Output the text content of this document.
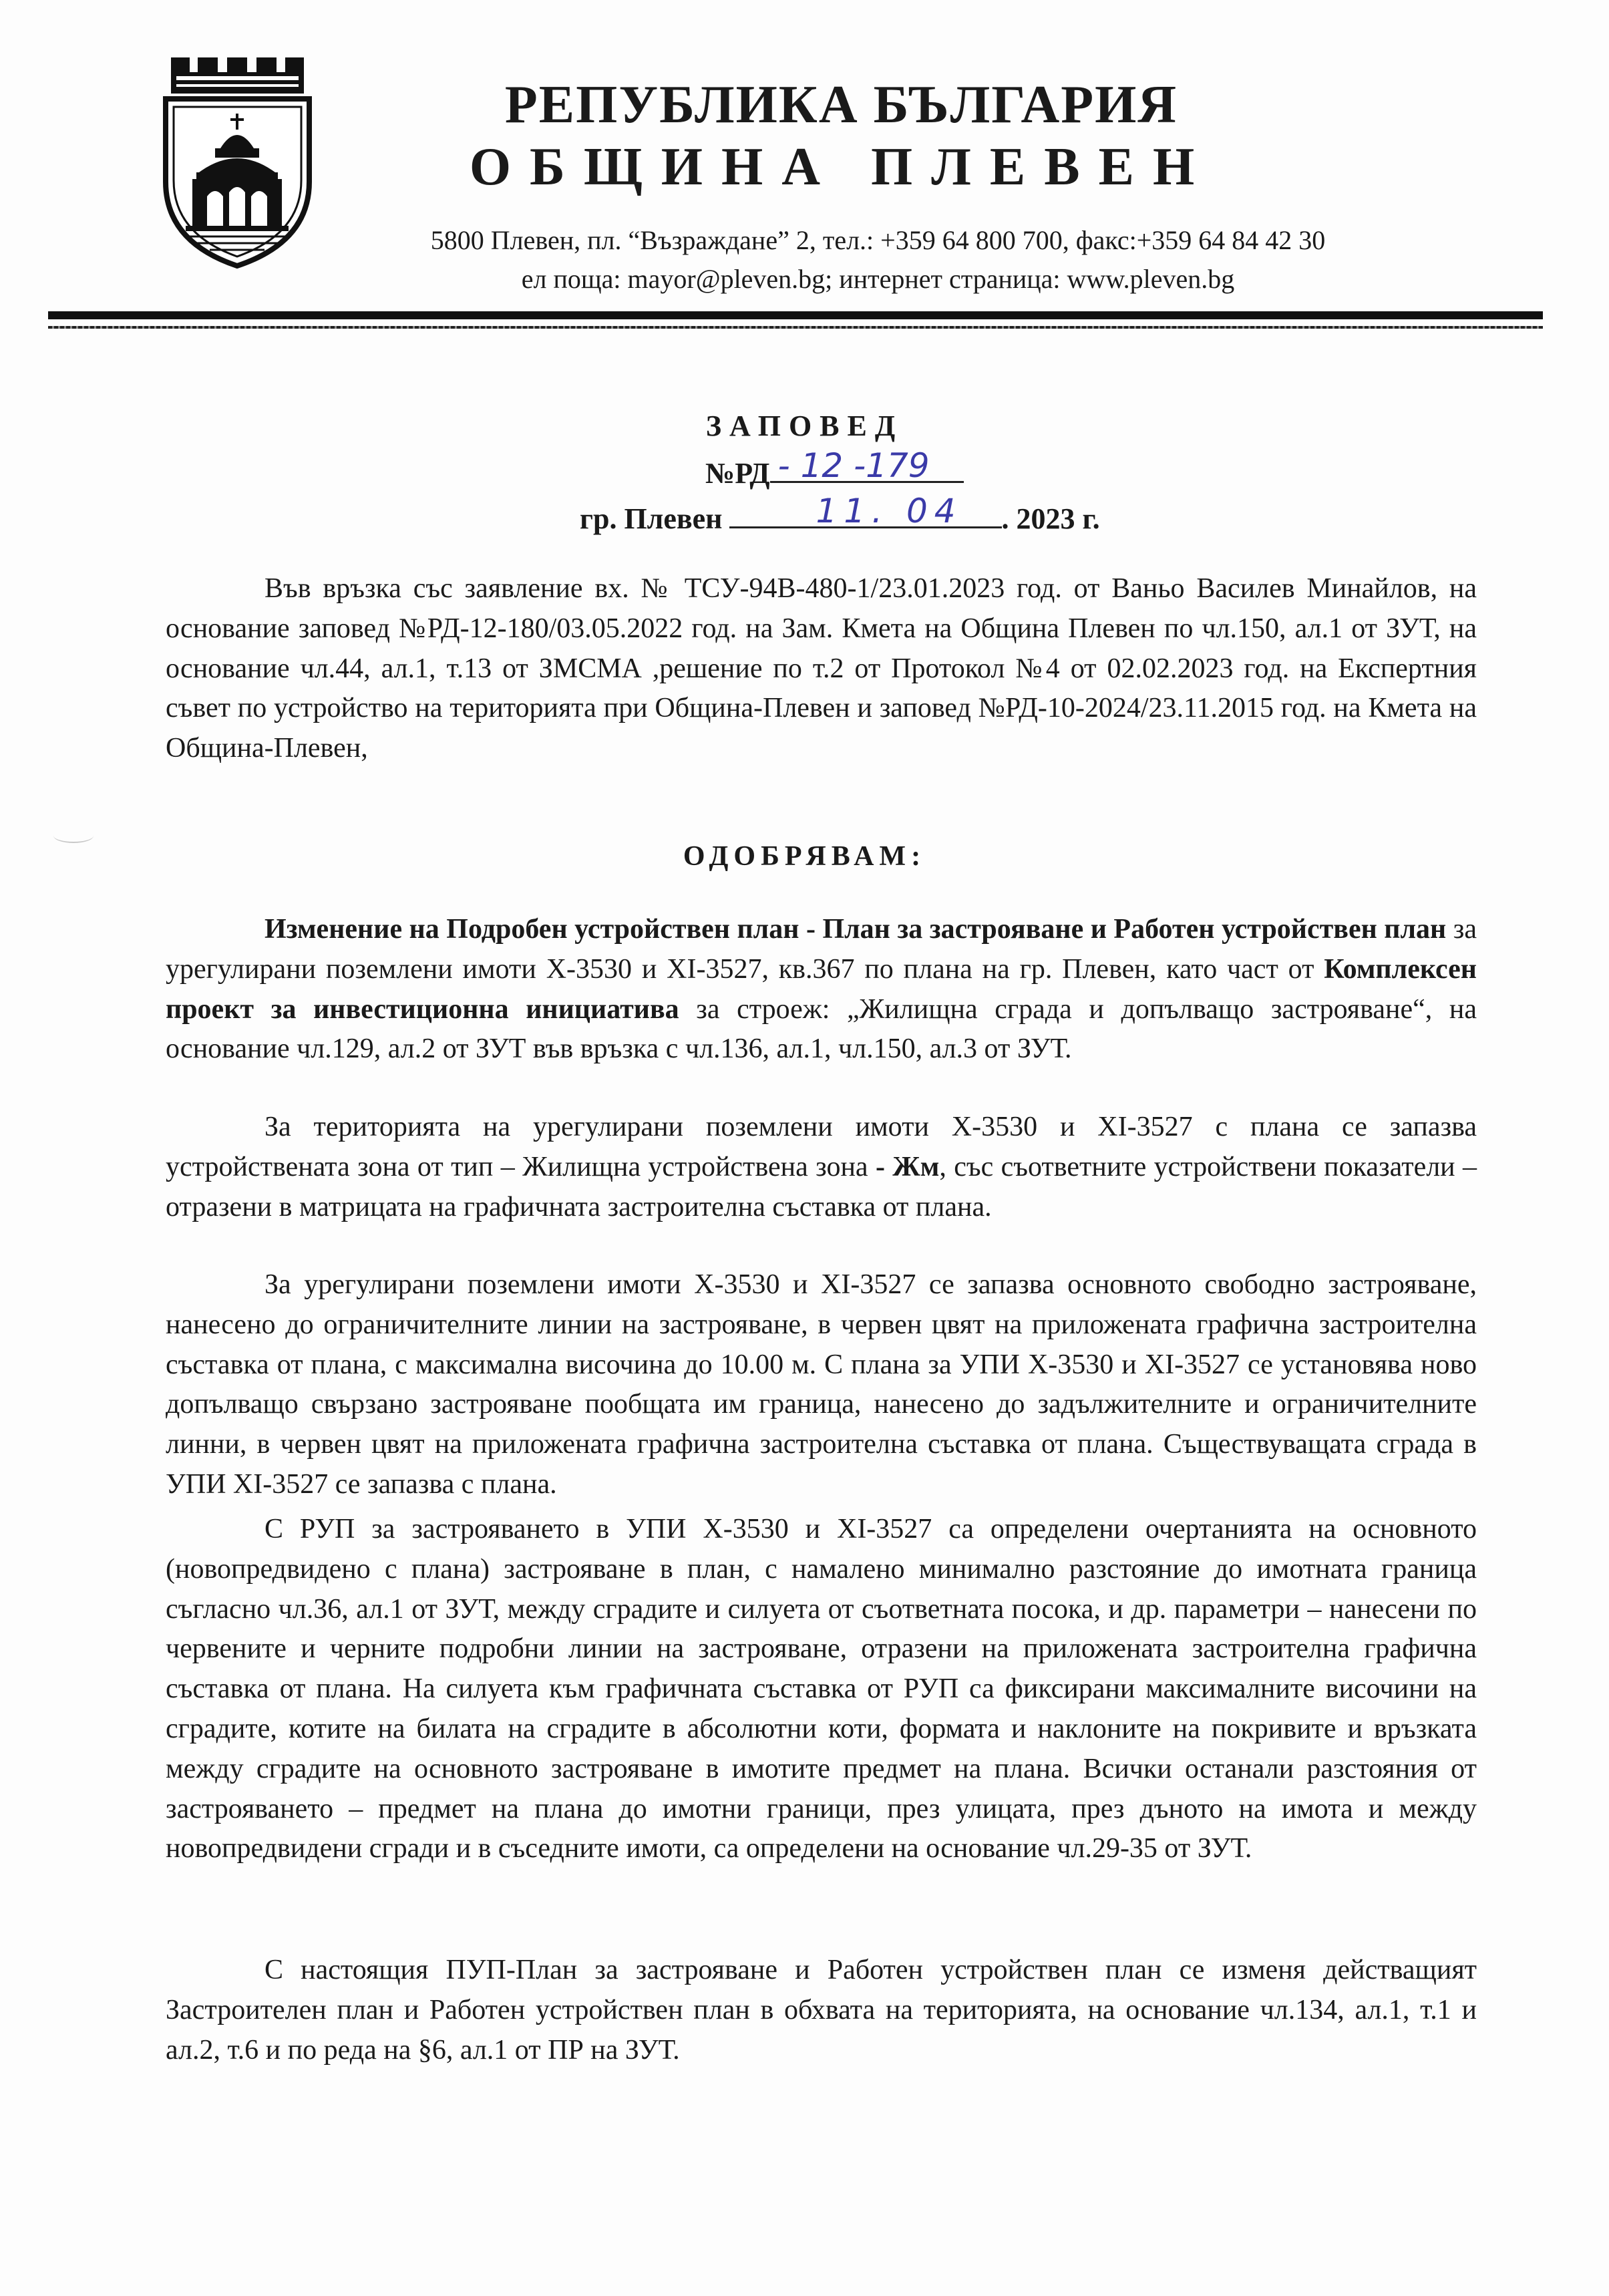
РЕПУБЛИКА БЪЛГАРИЯ
ОБЩИНА ПЛЕВЕН
5800 Плевен, пл. “Възраждане” 2, тел.: +359 64 800 700, факс:+359 64 84 42 30
ел поща: mayor@pleven.bg; интернет страница: www.pleven.bg
ЗАПОВЕД
№РД - 12 -179
гр. Плевен	11. 04 . 2023 г.
Във връзка със заявление вх. № ТСУ-94В-480-1/23.01.2023 год. от Ваньо Василев Минайлов, на основание заповед №РД-12-180/03.05.2022 год. на Зам. Кмета на Община Плевен по чл.150, ал.1 от ЗУТ, на основание чл.44, ал.1, т.13 от ЗМСМА ,решение по т.2 от Протокол №4 от 02.02.2023 год. на Експертния съвет по устройство на територията при Община-Плевен и заповед №РД-10-2024/23.11.2015 год. на Кмета на Община-Плевен,
ОДОБРЯВАМ:
Изменение на Подробен устройствен план - План за застрояване и Работен устройствен план за урегулирани поземлени имоти X-3530 и XI-3527, кв.367 по плана на гр. Плевен, като част от Комплексен проект за инвестиционна инициатива за строеж: „Жилищна сграда и допълващо застрояване“, на основание чл.129, ал.2 от ЗУТ във връзка с чл.136, ал.1, чл.150, ал.3 от ЗУТ.
За територията на урегулирани поземлени имоти X-3530 и XI-3527 с плана се запазва устройствената зона от тип – Жилищна устройствена зона - Жм, със съответните устройствени показатели – отразени в матрицата на графичната застроителна съставка от плана.
За урегулирани поземлени имоти X-3530 и XI-3527 се запазва основното свободно застрояване, нанесено до ограничителните линии на застрояване, в червен цвят на приложената графична застроителна съставка от плана, с максимална височина до 10.00 м. С плана за УПИ X-3530 и XI-3527 се установява ново допълващо свързано застрояване пообщата им граница, нанесено до задължителните и ограничителните линни, в червен цвят на приложената графична застроителна съставка от плана. Съществуващата сграда в УПИ XI-3527 се запазва с плана.
С РУП за застрояването в УПИ X-3530 и XI-3527 са определени очертанията на основното (новопредвидено с плана) застрояване в план, с намалено минимално разстояние до имотната граница съгласно чл.36, ал.1 от ЗУТ, между сградите и силуета от съответната посока, и др. параметри – нанесени по червените и черните подробни линии на застрояване, отразени на приложената застроителна графична съставка от плана. На силуета към графичната съставка от РУП са фиксирани максималните височини на сградите, котите на билата на сградите в абсолютни коти, формата и наклоните на покривите и връзката между сградите на основното застрояване в имотите предмет на плана. Всички останали разстояния от застрояването – предмет на плана до имотни граници, през улицата, през дъното на имота и между новопредвидени сгради и в съседните имоти, са определени на основание чл.29-35 от ЗУТ.
С настоящия ПУП-План за застрояване и Работен устройствен план се изменя действащият Застроителен план и Работен устройствен план в обхвата на територията, на основание чл.134, ал.1, т.1 и ал.2, т.6 и по реда на §6, ал.1 от ПР на ЗУТ.
